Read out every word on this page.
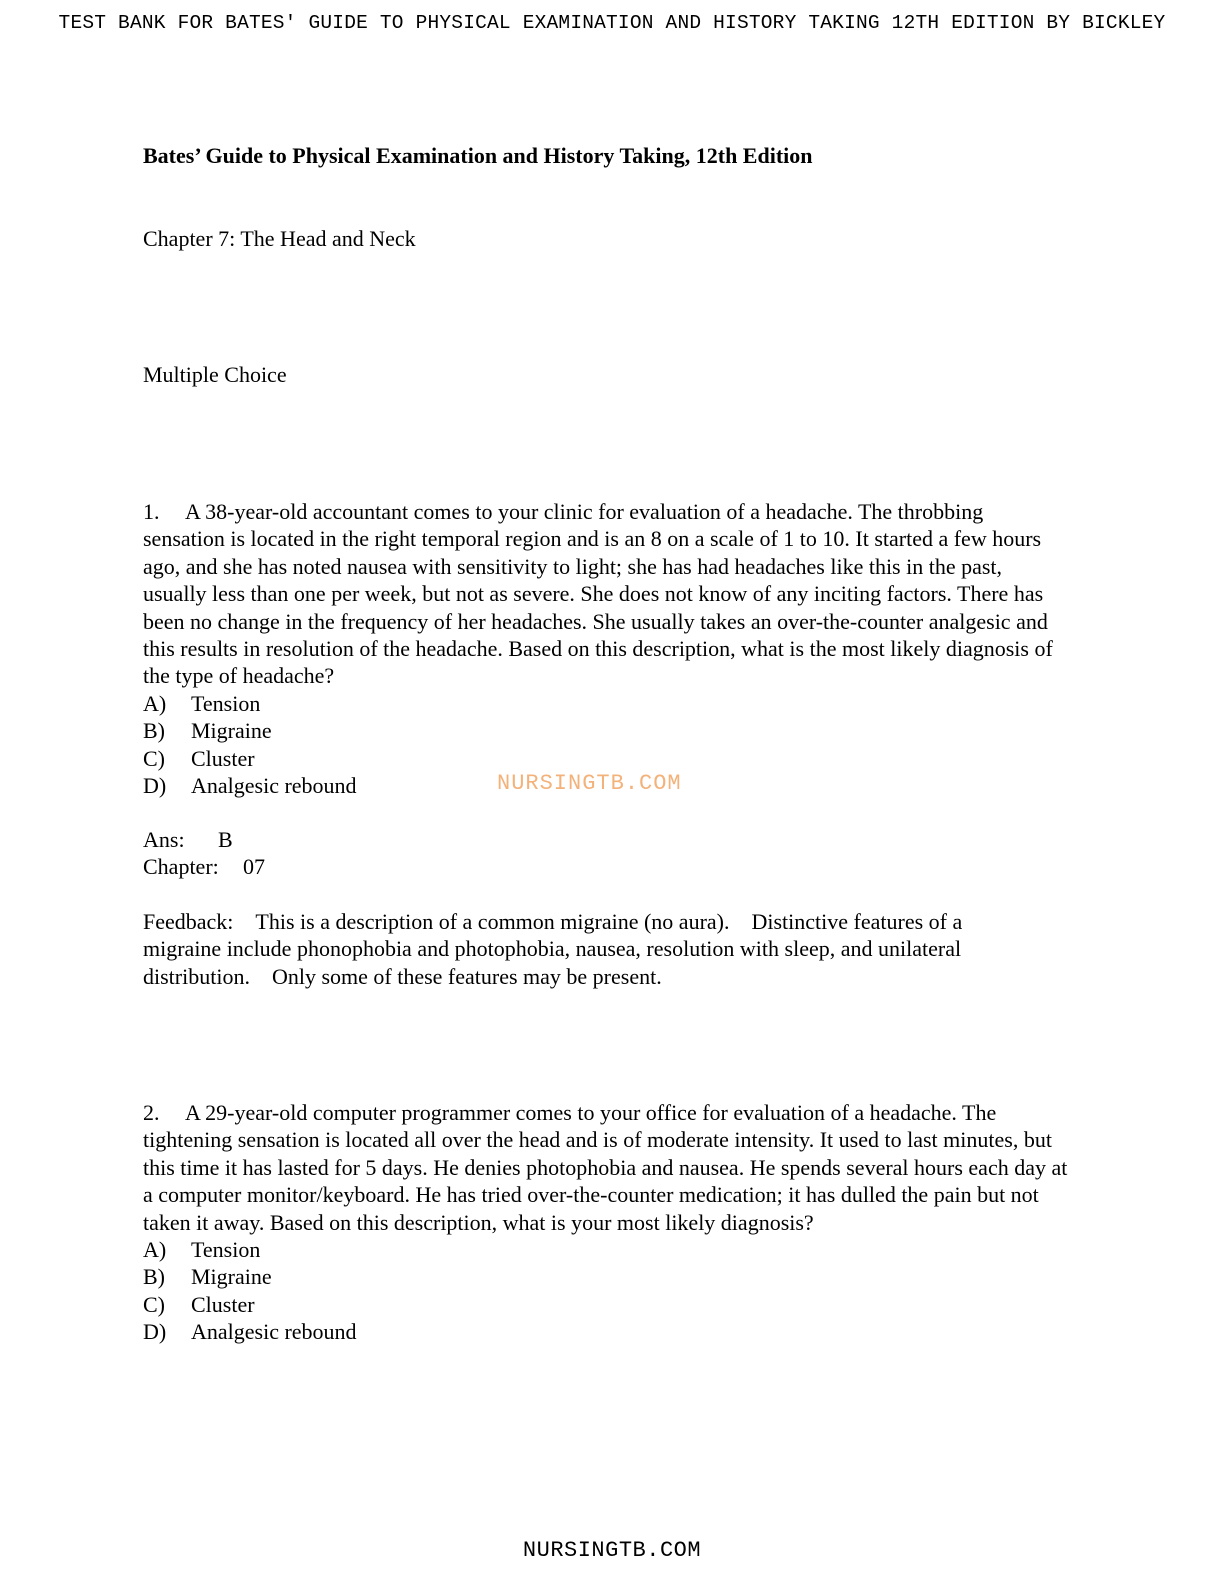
TEST BANK FOR BATES' GUIDE TO PHYSICAL EXAMINATION AND HISTORY TAKING 12TH EDITION BY BICKLEY
Bates’ Guide to Physical Examination and History Taking, 12th Edition
Chapter 7: The Head and Neck
Multiple Choice
1. A 38-year-old accountant comes to your clinic for evaluation of a headache. The throbbing sensation is located in the right temporal region and is an 8 on a scale of 1 to 10. It started a few hours ago, and she has noted nausea with sensitivity to light; she has had headaches like this in the past, usually less than one per week, but not as severe. She does not know of any inciting factors. There has been no change in the frequency of her headaches. She usually takes an over-the-counter analgesic and this results in resolution of the headache. Based on this description, what is the most likely diagnosis of the type of headache?
A) Tension
B) Migraine
C) Cluster
D) Analgesic rebound
Ans: B
Chapter: 07
Feedback: This is a description of a common migraine (no aura).    Distinctive features of a migraine include phonophobia and photophobia, nausea, resolution with sleep, and unilateral distribution.    Only some of these features may be present.
2. A 29-year-old computer programmer comes to your office for evaluation of a headache. The tightening sensation is located all over the head and is of moderate intensity. It used to last minutes, but this time it has lasted for 5 days. He denies photophobia and nausea. He spends several hours each day at a computer monitor/keyboard. He has tried over-the-counter medication; it has dulled the pain but not taken it away. Based on this description, what is your most likely diagnosis?
A) Tension
B) Migraine
C) Cluster
D) Analgesic rebound
NURSINGTB.COM
NURSINGTB.COM
